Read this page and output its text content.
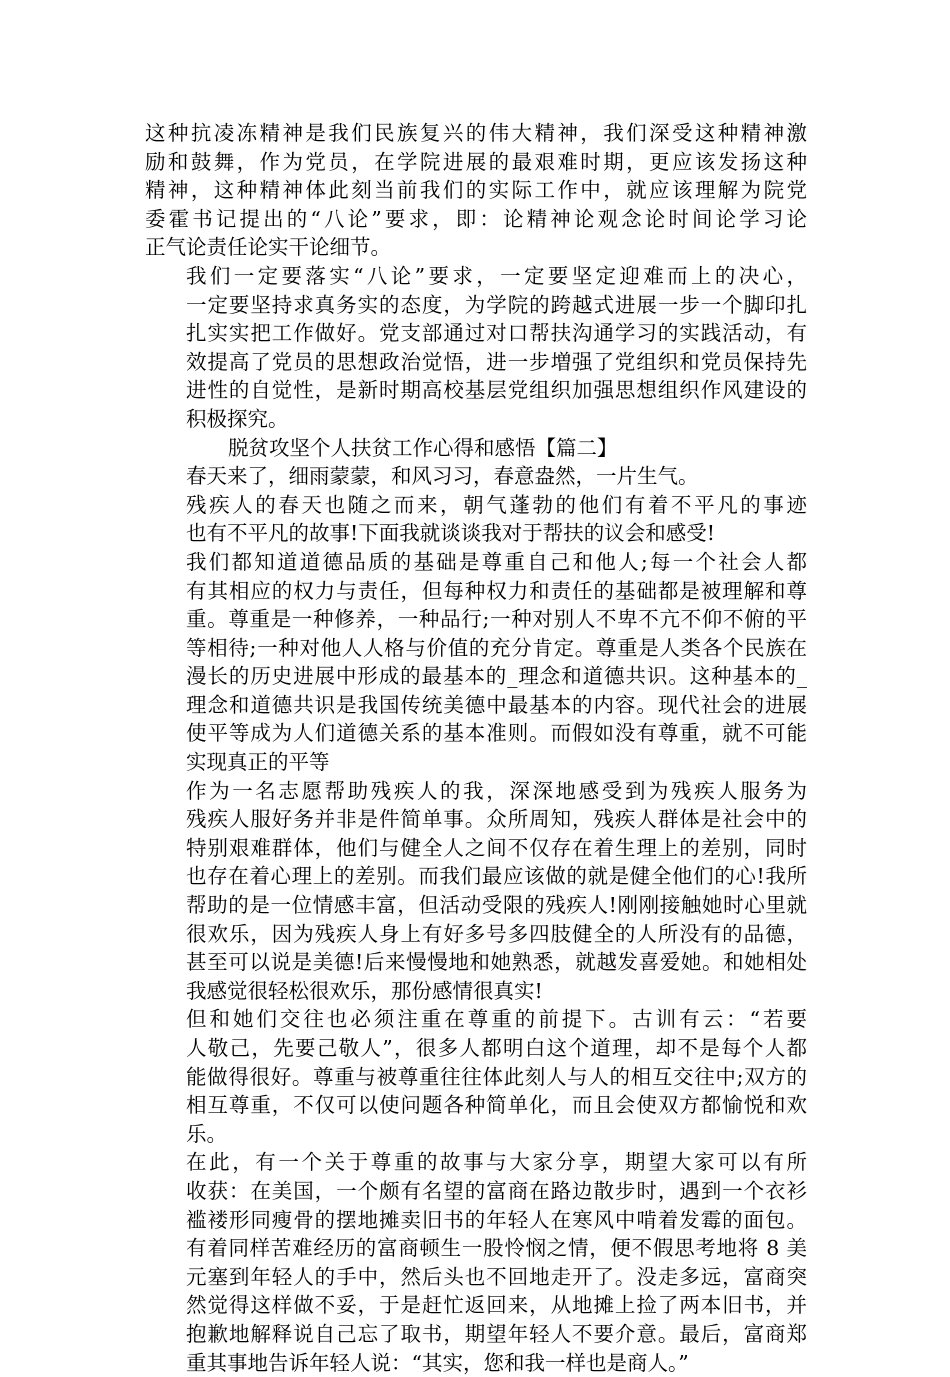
这种抗凌冻精神是我们民族复兴的伟大精神，我们深受这种精神激
励和鼓舞，作为党员，在学院进展的最艰难时期，更应该发扬这种
精神，这种精神体此刻当前我们的实际工作中，就应该理解为院党
委霍书记提出的“八论”要求，即：论精神论观念论时间论学习论
正气论责任论实干论细节。

我们一定要落实“八论”要求，一定要坚定迎难而上的决心，
一定要坚持求真务实的态度，为学院的跨越式进展一步一个脚印扎
扎实实把工作做好。党支部通过对口帮扶沟通学习的实践活动，有
效提高了党员的思想政治觉悟，进一步増强了党组织和党员保持先
进性的自觉性，是新时期高校基层党组织加强思想组织作风建设的
积极探究。

脱贫攻坚个人扶贫工作心得和感悟【篇二】

春天来了，细雨蒙蒙，和风习习，春意盎然，一片生气。

残疾人的春天也随之而来，朝气蓬勃的他们有着不平凡的事迹
也有不平凡的故事!下面我就谈谈我对于帮扶的议会和感受!

我们都知道道德品质的基础是尊重自己和他人;每一个社会人都
有其相应的权力与责任，但每种权力和责任的基础都是被理解和尊
重。尊重是一种修养，一种品行;一种对别人不卑不亢不仰不俯的平
等相待;一种对他人人格与价值的充分肯定。尊重是人类各个民族在
漫长的历史进展中形成的最基本的_理念和道德共识。这种基本的_
理念和道德共识是我国传统美德中最基本的内容。现代社会的进展
使平等成为人们道德关系的基本准则。而假如没有尊重，就不可能
实现真正的平等

作为一名志愿帮助残疾人的我，深深地感受到为残疾人服务为
残疾人服好务并非是件简单事。众所周知，残疾人群体是社会中的
特别艰难群体，他们与健全人之间不仅存在着生理上的差别，同时
也存在着心理上的差别。而我们最应该做的就是健全他们的心!我所
帮助的是一位情感丰富，但活动受限的残疾人!刚刚接触她时心里就
很欢乐，因为残疾人身上有好多号多四肢健全的人所没有的品德，
甚至可以说是美德!后来慢慢地和她熟悉，就越发喜爱她。和她相处
我感觉很轻松很欢乐，那份感情很真实!

但和她们交往也必须注重在尊重的前提下。古训有云：“若要
人敬己，先要己敬人”，很多人都明白这个道理，却不是每个人都
能做得很好。尊重与被尊重往往体此刻人与人的相互交往中;双方的
相互尊重，不仅可以使问题各种简单化，而且会使双方都愉悦和欢
乐。

在此，有一个关于尊重的故事与大家分享，期望大家可以有所
收获：在美国，一个颇有名望的富商在路边散步时，遇到一个衣衫
褴褛形同瘦骨的摆地摊卖旧书的年轻人在寒风中啃着发霉的面包。
有着同样苦难经历的富商顿生一股怜悯之情，便不假思考地将 8 美
元塞到年轻人的手中，然后头也不回地走开了。没走多远，富商突
然觉得这样做不妥，于是赶忙返回来，从地摊上捡了两本旧书，并
抱歉地解释说自己忘了取书，期望年轻人不要介意。最后，富商郑
重其事地告诉年轻人说：“其实，您和我一样也是商人。”
